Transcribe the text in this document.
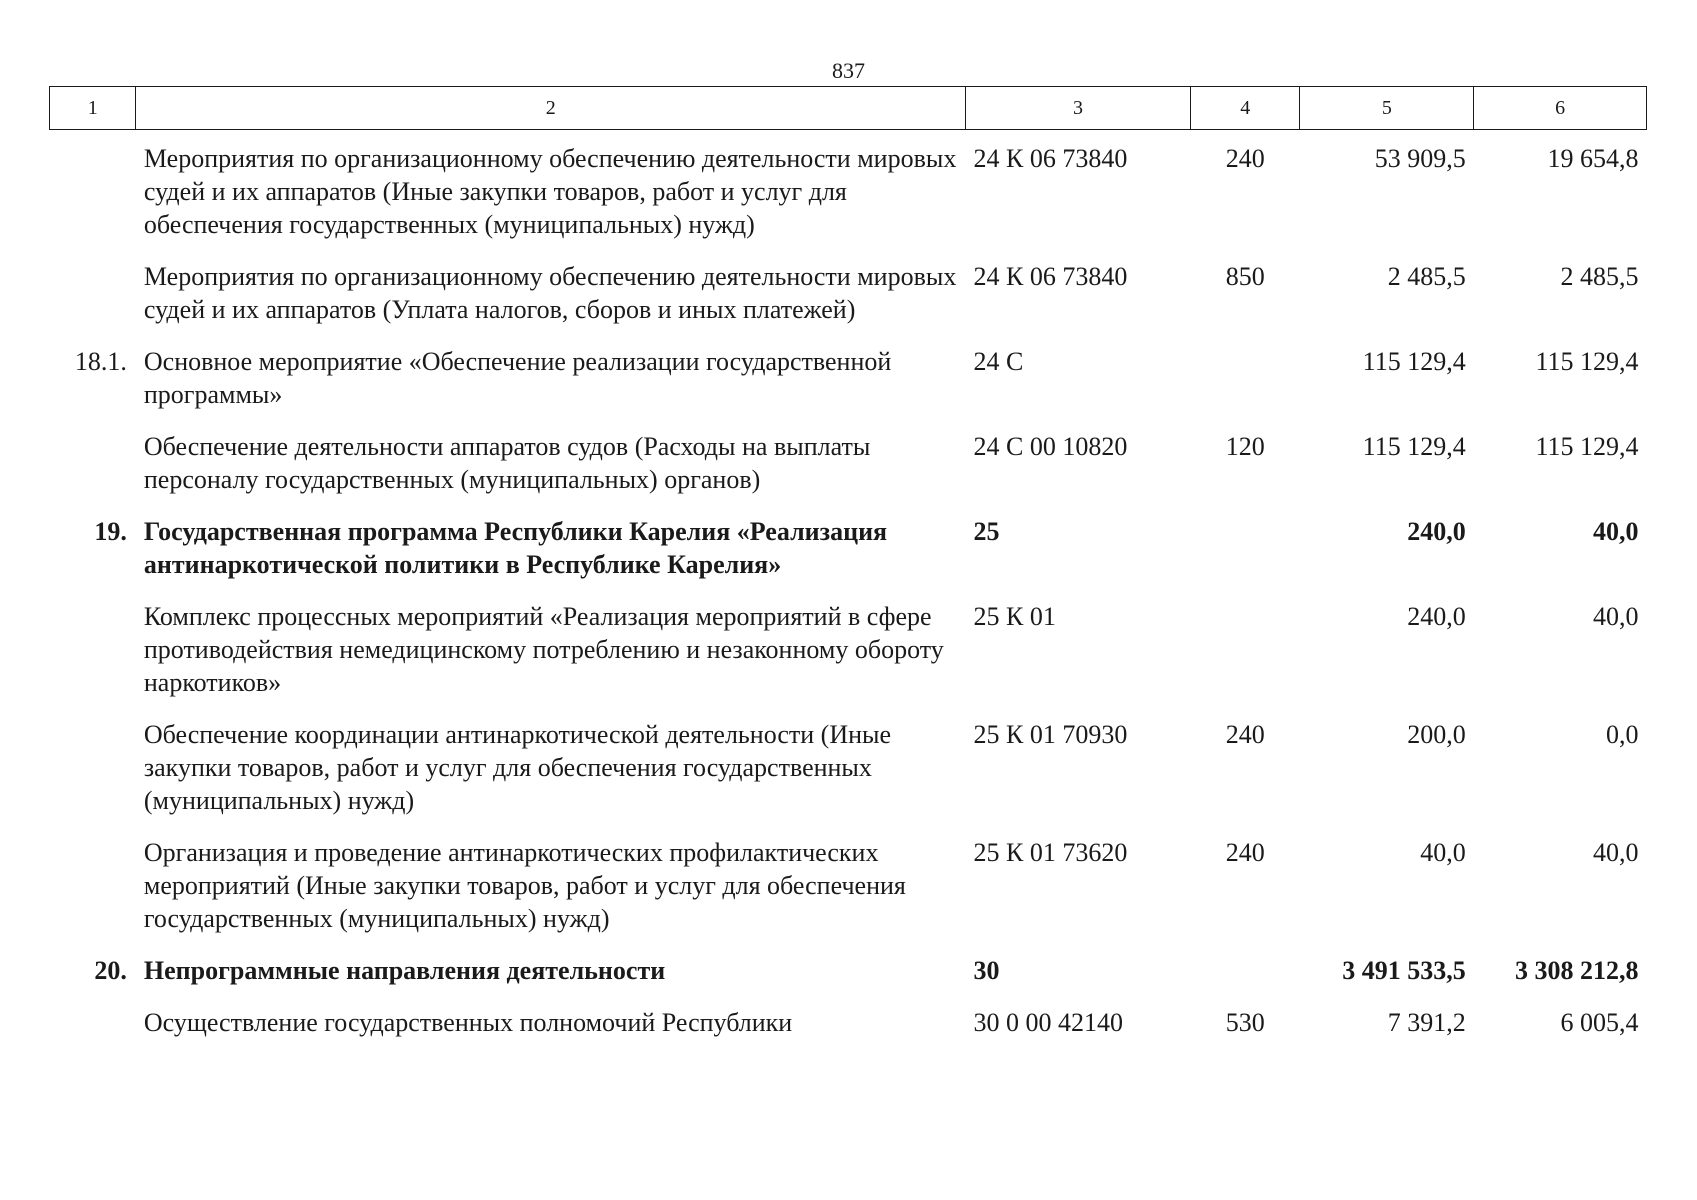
837
1	2	3	4	5	6
	Мероприятия по организационному обеспечению деятельности мировых судей и их аппаратов (Иные закупки товаров, работ и услуг для обеспечения государственных (муниципальных) нужд)	24 К 06 73840	240	53 909,5	19 654,8
	Мероприятия по организационному обеспечению деятельности мировых судей и их аппаратов (Уплата налогов, сборов и иных платежей)	24 К 06 73840	850	2 485,5	2 485,5
18.1.	Основное мероприятие «Обеспечение реализации государственной программы»	24 С		115 129,4	115 129,4
	Обеспечение деятельности аппаратов судов (Расходы на выплаты персоналу государственных (муниципальных) органов)	24 С 00 10820	120	115 129,4	115 129,4
19.	Государственная программа Республики Карелия «Реализация антинаркотической политики в Республике Карелия»	25		240,0	40,0
	Комплекс процессных мероприятий «Реализация мероприятий в сфере противодействия немедицинскому потреблению и незаконному обороту наркотиков»	25 К 01		240,0	40,0
	Обеспечение координации антинаркотической деятельности (Иные закупки товаров, работ и услуг для обеспечения государственных (муниципальных) нужд)	25 К 01 70930	240	200,0	0,0
	Организация и проведение антинаркотических профилактических мероприятий (Иные закупки товаров, работ и услуг для обеспечения государственных (муниципальных) нужд)	25 К 01 73620	240	40,0	40,0
20.	Непрограммные направления деятельности	30		3 491 533,5	3 308 212,8
	Осуществление государственных полномочий Республики	30 0 00 42140	530	7 391,2	6 005,4
